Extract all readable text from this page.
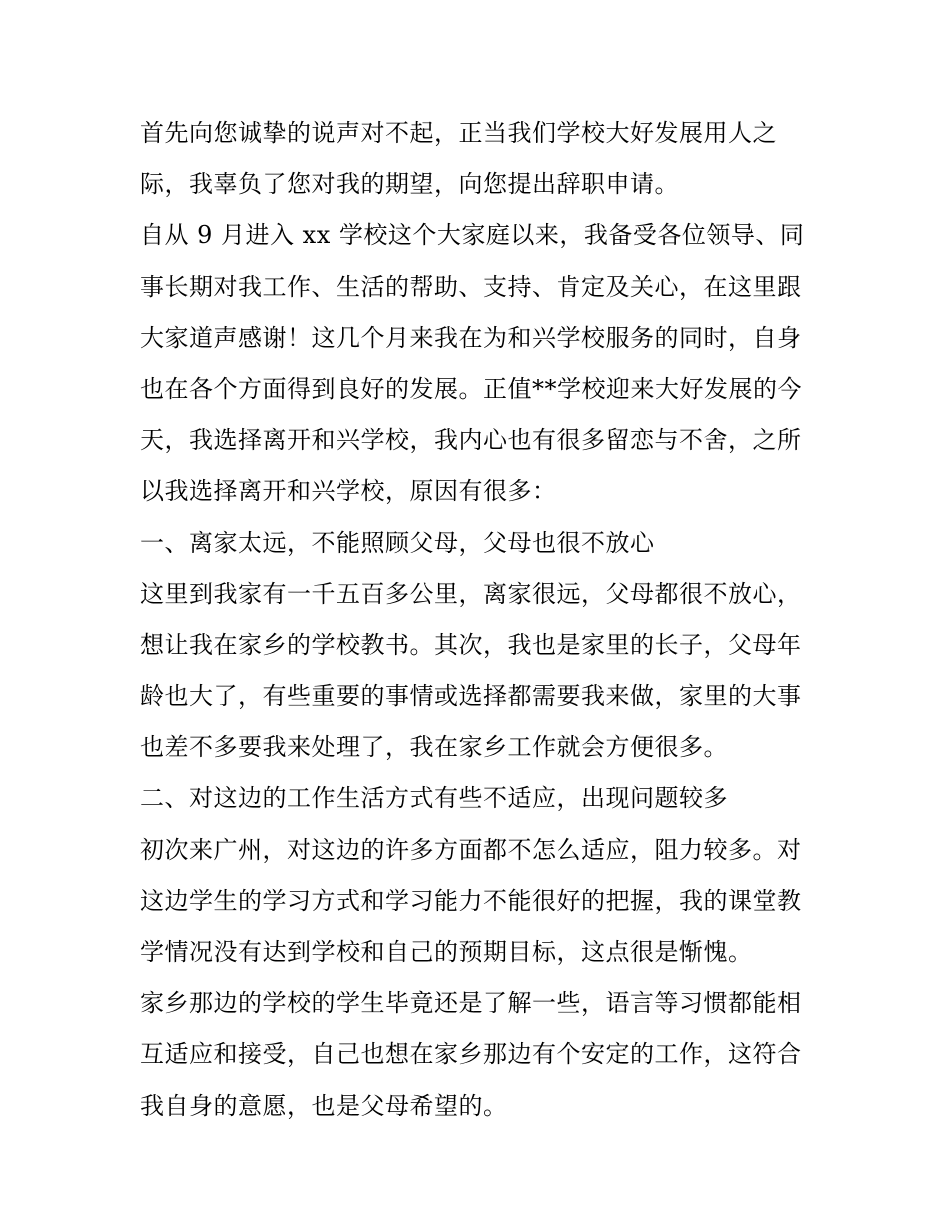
首先向您诚挚的说声对不起，正当我们学校大好发展用人之
际，我辜负了您对我的期望，向您提出辞职申请。
自从 9 月进入 xx 学校这个大家庭以来，我备受各位领导、同
事长期对我工作、生活的帮助、支持、肯定及关心，在这里跟
大家道声感谢！这几个月来我在为和兴学校服务的同时，自身
也在各个方面得到良好的发展。正值**学校迎来大好发展的今
天，我选择离开和兴学校，我内心也有很多留恋与不舍，之所
以我选择离开和兴学校，原因有很多：
一、离家太远，不能照顾父母，父母也很不放心
这里到我家有一千五百多公里，离家很远，父母都很不放心，
想让我在家乡的学校教书。其次，我也是家里的长子，父母年
龄也大了，有些重要的事情或选择都需要我来做，家里的大事
也差不多要我来处理了，我在家乡工作就会方便很多。
二、对这边的工作生活方式有些不适应，出现问题较多
初次来广州，对这边的许多方面都不怎么适应，阻力较多。对
这边学生的学习方式和学习能力不能很好的把握，我的课堂教
学情况没有达到学校和自己的预期目标，这点很是惭愧。
家乡那边的学校的学生毕竟还是了解一些，语言等习惯都能相
互适应和接受，自己也想在家乡那边有个安定的工作，这符合
我自身的意愿，也是父母希望的。
